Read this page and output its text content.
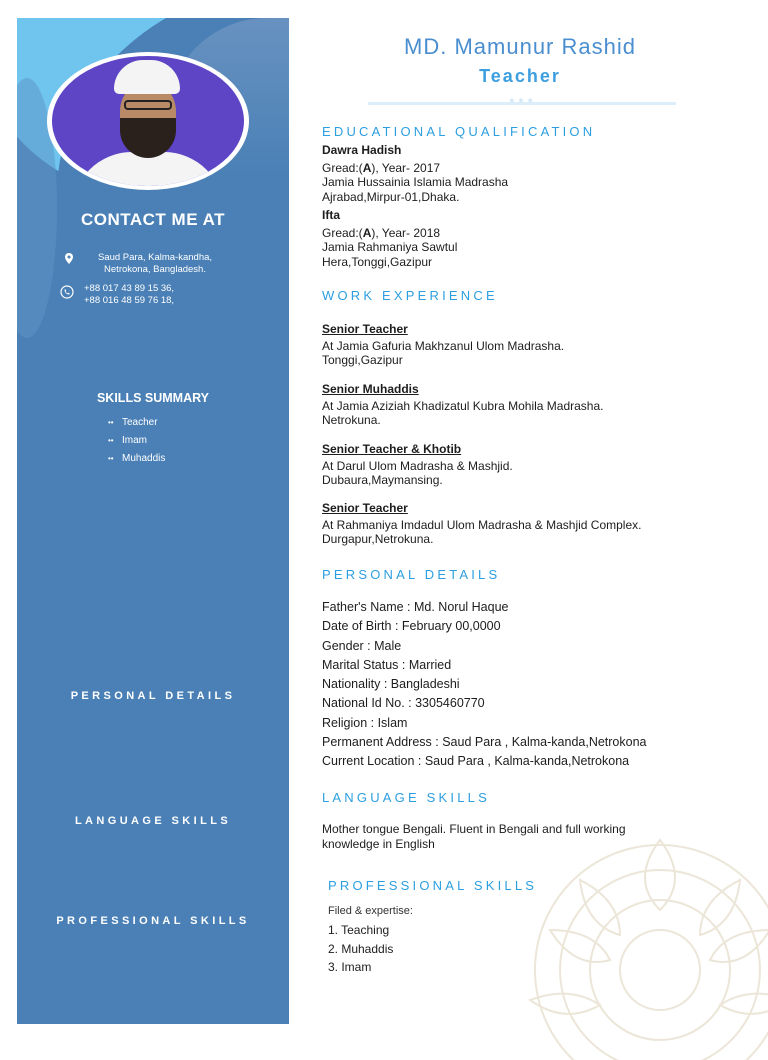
CONTACT ME AT
Saud Para, Kalma-kandha,
Netrokona, Bangladesh.
+88 017 43 89 15 36,
+88 016 48 59 76 18,
SKILLS SUMMARY
•• Teacher
•• Imam
•• Muhaddis
PERSONAL DETAILS
LANGUAGE SKILLS
PROFESSIONAL SKILLS
MD. Mamunur Rashid
Teacher
★★★
EDUCATIONAL QUALIFICATION
Dawra Hadish
Gread:(A), Year- 2017
Jamia Hussainia Islamia Madrasha
Ajrabad,Mirpur-01,Dhaka.
Ifta
Gread:(A), Year- 2018
Jamia Rahmaniya Sawtul
Hera,Tonggi,Gazipur
WORK EXPERIENCE
Senior Teacher
At Jamia Gafuria Makhzanul Ulom Madrasha.
Tonggi,Gazipur
Senior Muhaddis
At Jamia Aziziah Khadizatul Kubra Mohila Madrasha.
Netrokuna.
Senior Teacher & Khotib
At Darul Ulom Madrasha & Mashjid.
Dubaura,Maymansing.
Senior Teacher
At Rahmaniya Imdadul Ulom Madrasha & Mashjid Complex.
Durgapur,Netrokuna.
PERSONAL DETAILS
Father's Name : Md. Norul Haque
Date of Birth : February 00,0000
Gender : Male
Marital Status : Married
Nationality : Bangladeshi
National Id No. : 3305460770
Religion : Islam
Permanent Address : Saud Para , Kalma-kanda,Netrokona
Current Location : Saud Para , Kalma-kanda,Netrokona
LANGUAGE SKILLS
Mother tongue Bengali. Fluent in Bengali and full working
knowledge in English
PROFESSIONAL SKILLS
Filed & expertise:
1. Teaching
2. Muhaddis
3. Imam
